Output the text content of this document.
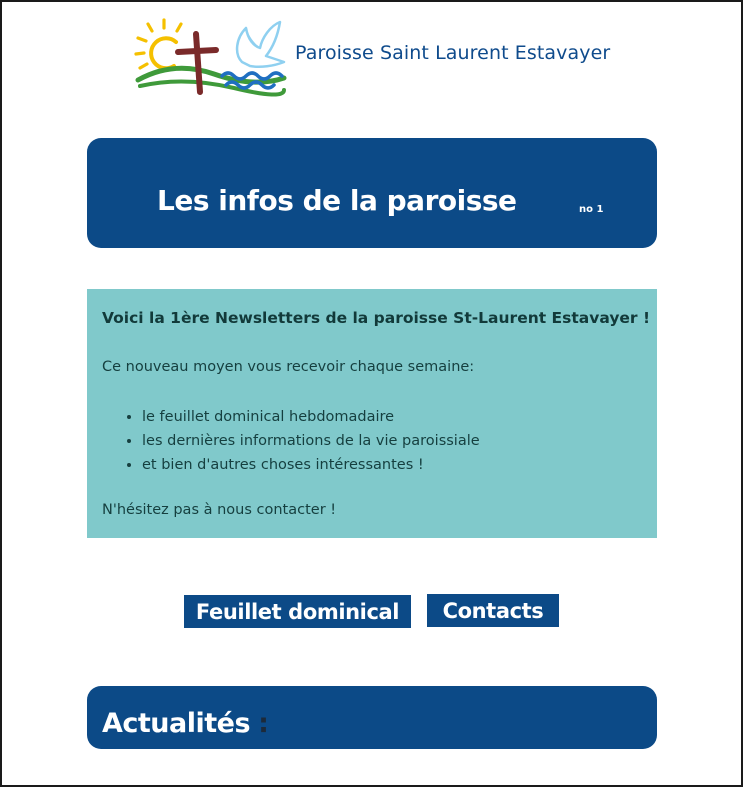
Paroisse Saint Laurent Estavayer
Les infos de la paroisse	no 1
Voici la 1ère Newsletters de la paroisse St-Laurent Estavayer !
Ce nouveau moyen vous recevoir chaque semaine:
• le feuillet dominical hebdomadaire
• les dernières informations de la vie paroissiale
• et bien d'autres choses intéressantes !
N'hésitez pas à nous contacter !
Feuillet dominical	Contacts
Actualités :
